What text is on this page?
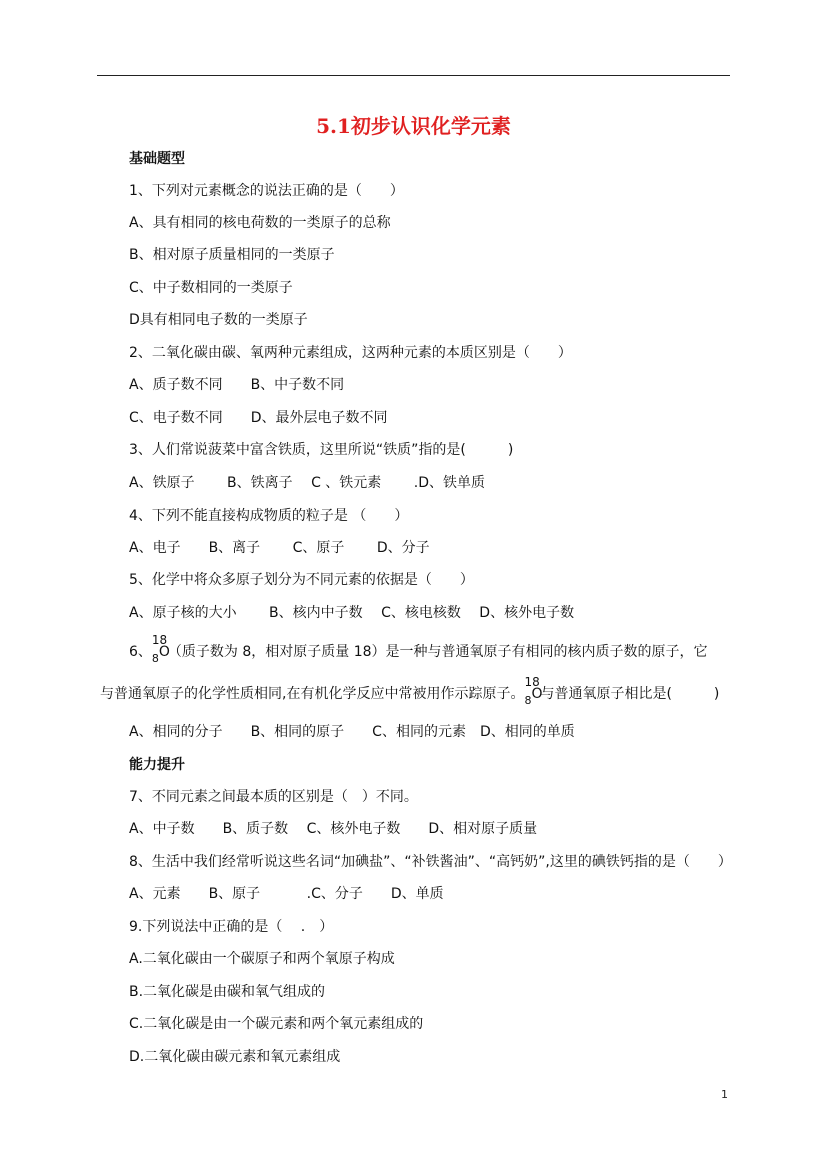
5.1初步认识化学元素
基础题型
1、下列对元素概念的说法正确的是（　　）
A、具有相同的核电荷数的一类原子的总称
B、相对原子质量相同的一类原子
C、中子数相同的一类原子
D具有相同电子数的一类原子
2、二氧化碳由碳、氧两种元素组成，这两种元素的本质区别是（　　）
A、质子数不同　　B、中子数不同
C、电子数不同　　D、最外层电子数不同
3、人们常说菠菜中富含铁质，这里所说“铁质”指的是(　　　)
A、铁原子　　 B、铁离子　 C 、铁元素　　 .D、铁单质
4、下列不能直接构成物质的粒子是 （　　）
A、电子　　B、离子　　 C、原子　　 D、分子
5、化学中将众多原子划分为不同元素的依据是（　　）
A、原子核的大小　　 B、核内中子数　 C、核电核数　 D、核外电子数
6、
18
8 O
（质子数为 8，相对原子质量 18）是一种与普通氧原子有相同的核内质子数的原子，它
与普通氧原子的化学性质相同,在有机化学反应中常被用作示踪原子。
18
8 O
与普通氧原子相比是(　　　)
A、相同的分子　　B、相同的原子　　C、相同的元素　D、相同的单质
能力提升
7、不同元素之间最本质的区别是（　）不同。
A、中子数　　B、质子数　 C、核外电子数　　D、相对原子质量
8、生活中我们经常听说这些名词“加碘盐”、“补铁酱油”、“高钙奶”,这里的碘铁钙指的是（　　）
A、元素　　B、原子　　　 .C、分子　　D、单质
9.下列说法中正确的是（　 .　）
A.二氧化碳由一个碳原子和两个氧原子构成
B.二氧化碳是由碳和氧气组成的
C.二氧化碳是由一个碳元素和两个氧元素组成的
D.二氧化碳由碳元素和氧元素组成
1
